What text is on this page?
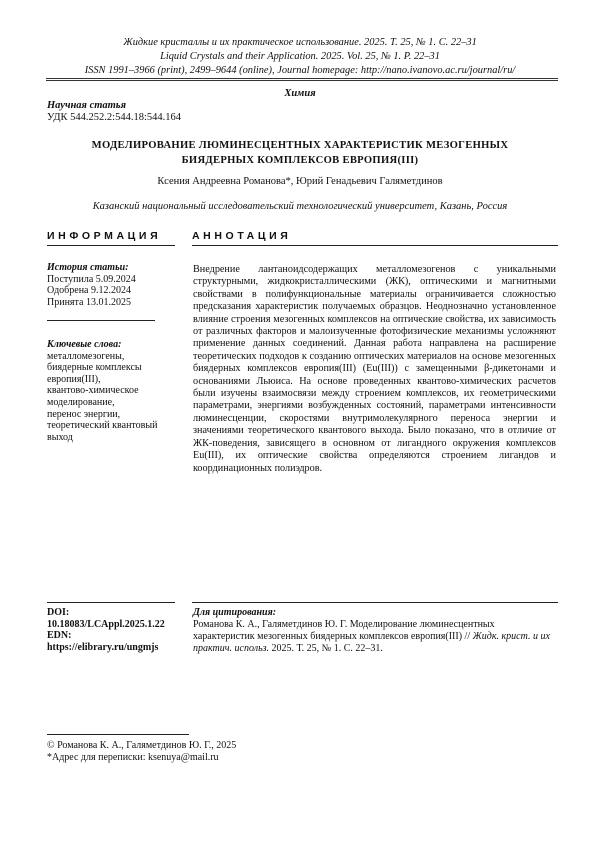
Жидкие кристаллы и их практическое использование. 2025. Т. 25, № 1. С. 22–31
Liquid Crystals and their Application. 2025. Vol. 25, № 1. P. 22–31
ISSN 1991–3966 (print), 2499–9644 (online), Journal homepage: http://nano.ivanovo.ac.ru/journal/ru/
Химия
Научная статья
УДК 544.252.2:544.18:544.164
МОДЕЛИРОВАНИЕ ЛЮМИНЕСЦЕНТНЫХ ХАРАКТЕРИСТИК МЕЗОГЕННЫХ
БИЯДЕРНЫХ КОМПЛЕКСОВ ЕВРОПИЯ(III)
Ксения Андреевна Романова*, Юрий Генадьевич Галяметдинов
Казанский национальный исследовательский технологический университет, Казань, Россия
ИНФОРМАЦИЯ	АННОТАЦИЯ
История статьи:
Поступила 5.09.2024
Одобрена 9.12.2024
Принята 13.01.2025
Ключевые слова:
металломезогены,
биядерные комплексы
европия(III),
квантово-химическое
моделирование,
перенос энергии,
теоретический квантовый
выход
Внедрение лантаноидсодержащих металломезогенов с уникальными структурными, жидкокристаллическими (ЖК), оптическими и магнитными свойствами в полифункциональные материалы ограничивается сложностью предсказания характеристик получаемых образцов. Неоднозначно установленное влияние строения мезогенных комплексов на оптические свойства, их зависимость от различных факторов и малоизученные фотофизические механизмы усложняют применение данных соединений. Данная работа направлена на расширение теоретических подходов к созданию оптических материалов на основе мезогенных биядерных комплексов европия(III) (Eu(III)) с замещенными β-дикетонами и основаниями Льюиса. На основе проведенных квантово-химических расчетов были изучены взаимосвязи между строением комплексов, их геометрическими параметрами, энергиями возбужденных состояний, параметрами интенсивности люминесценции, скоростями внутримолекулярного переноса энергии и значениями теоретического квантового выхода. Было показано, что в отличие от ЖК-поведения, зависящего в основном от лигандного окружения комплексов Eu(III), их оптические свойства определяются строением лигандов и координационных полиэдров.
DOI:
10.18083/LCAppl.2025.1.22
EDN:
https://elibrary.ru/ungmjs
Для цитирования:
Романова К. А., Галяметдинов Ю. Г. Моделирование люминесцентных характеристик мезогенных биядерных комплексов европия(III) // Жидк. крист. и их практич. использ. 2025. Т. 25, № 1. С. 22–31.
© Романова К. А., Галяметдинов Ю. Г., 2025
*Адрес для переписки: ksenuya@mail.ru
